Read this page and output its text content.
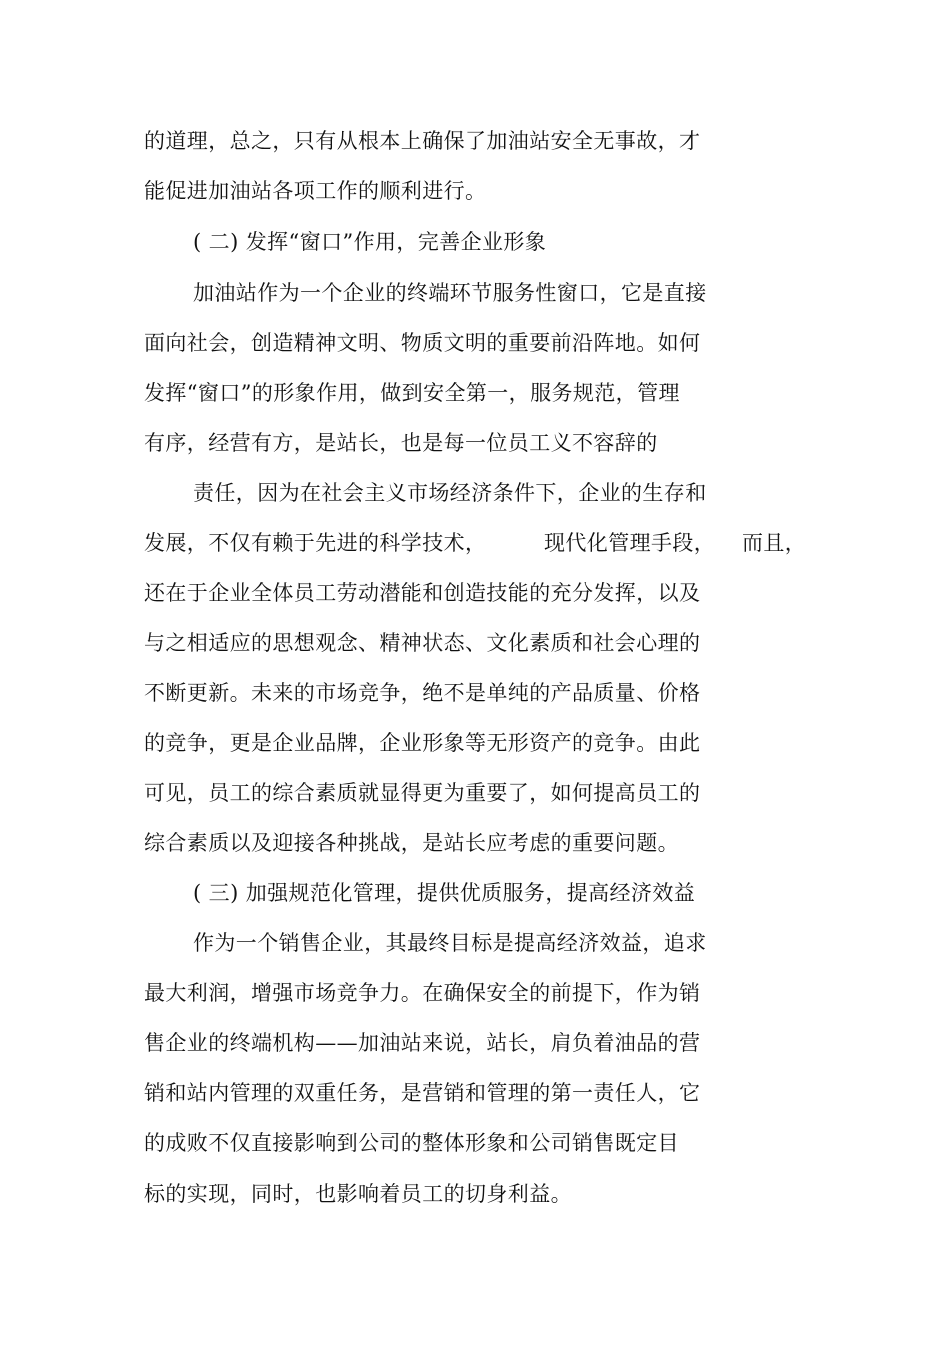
的道理，总之，只有从根本上确保了加油站安全无事故，才
能促进加油站各项工作的顺利进行。
( 二) 发挥“窗口”作用，完善企业形象
加油站作为一个企业的终端环节服务性窗口，它是直接
面向社会，创造精神文明、物质文明的重要前沿阵地。如何
发挥“窗口”的形象作用，做到安全第一，服务规范，管理
有序，经营有方，是站长，也是每一位员工义不容辞的
责任，因为在社会主义市场经济条件下，企业的生存和
发展，不仅有赖于先进的科学技术，	现代化管理手段， 而且，
还在于企业全体员工劳动潜能和创造技能的充分发挥，以及
与之相适应的思想观念、精神状态、文化素质和社会心理的
不断更新。未来的市场竞争，绝不是单纯的产品质量、价格
的竞争，更是企业品牌，企业形象等无形资产的竞争。由此
可见，员工的综合素质就显得更为重要了，如何提高员工的
综合素质以及迎接各种挑战，是站长应考虑的重要问题。
( 三) 加强规范化管理，提供优质服务，提高经济效益
作为一个销售企业，其最终目标是提高经济效益，追求
最大利润，增强市场竞争力。在确保安全的前提下，作为销
售企业的终端机构——加油站来说，站长，肩负着油品的营
销和站内管理的双重任务，是营销和管理的第一责任人，它
的成败不仅直接影响到公司的整体形象和公司销售既定目
标的实现，同时，也影响着员工的切身利益。
